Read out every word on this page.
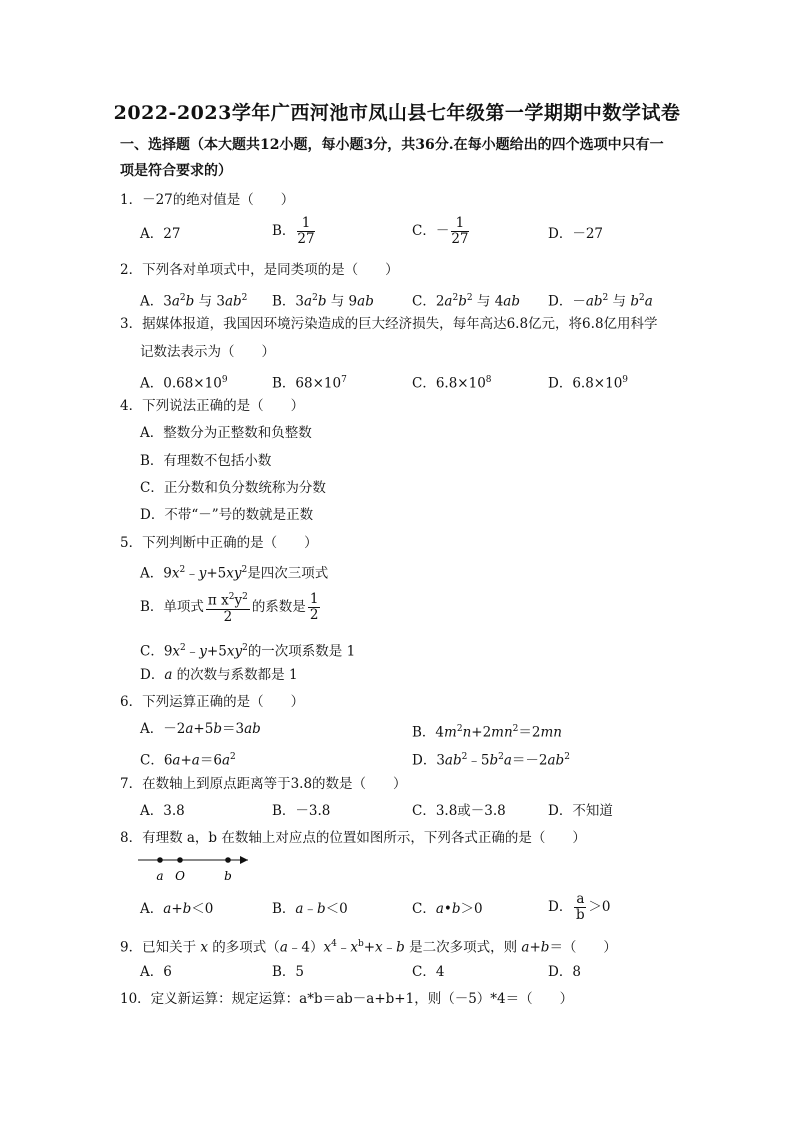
2022-2023学年广西河池市凤山县七年级第一学期期中数学试卷
一、选择题（本大题共12小题，每小题3分，共36分.在每小题给出的四个选项中只有一
项是符合要求的）
1．－27的绝对值是（　　）
A．27	B． $\frac{1}{27}$	C．－ $\frac{1}{27}$	D．－27
2．下列各对单项式中，是同类项的是（　　）
A．$3a^2b$ 与 $3ab^2$ B．$3a^2b$ 与 9ab	C．$2a^2b^2$ 与 4ab D．$-ab^2$ 与 $b^2a$
3．据媒体报道，我国因环境污染造成的巨大经济损失，每年高达6.8亿元，将6.8亿用科学
记数法表示为（　　）
A．$0.68\times 10^9$	B．$68\times 10^7$	C．$6.8\times 10^8$	D．$6.8\times 10^9$
4．下列说法正确的是（　　）
A．整数分为正整数和负整数
B．有理数不包括小数
C．正分数和负分数统称为分数
D．不带“－”号的数就是正数
5．下列判断中正确的是（　　）
A．$9x^2﹣y+5xy^2$是四次三项式
B．单项式 $\frac{\pi x^2y^2}{2}$ 的系数是 $\frac{1}{2}$
C．$9x^2﹣y+5xy^2$的一次项系数是 1
D．a 的次数与系数都是 1
6．下列运算正确的是（　　）
A．－2a+5b＝3ab	B．$4m^2n+2mn^2=2mn$
C．$6a+a=6a^2$	D．$3ab^2﹣5b^2a=-2ab^2$
7．在数轴上到原点距离等于3.8的数是（　　）
A．3.8	B．－3.8	C．3.8或－3.8	D．不知道
8．有理数 a，b 在数轴上对应点的位置如图所示，下列各式正确的是（　　）
a O	b
A．a+b＜0	B．a﹣b＜0	C．a•b＞0	D． $\frac{a}{b} >0$
9．已知关于 x 的多项式$(a﹣4)x^4﹣x^b+x﹣b$ 是二次多项式，则 a+b＝（　　）
A．6	B．5	C．4	D．8
10．定义新运算：规定运算：a*b＝ab－a+b+1，则（－5）*4＝（　　）
